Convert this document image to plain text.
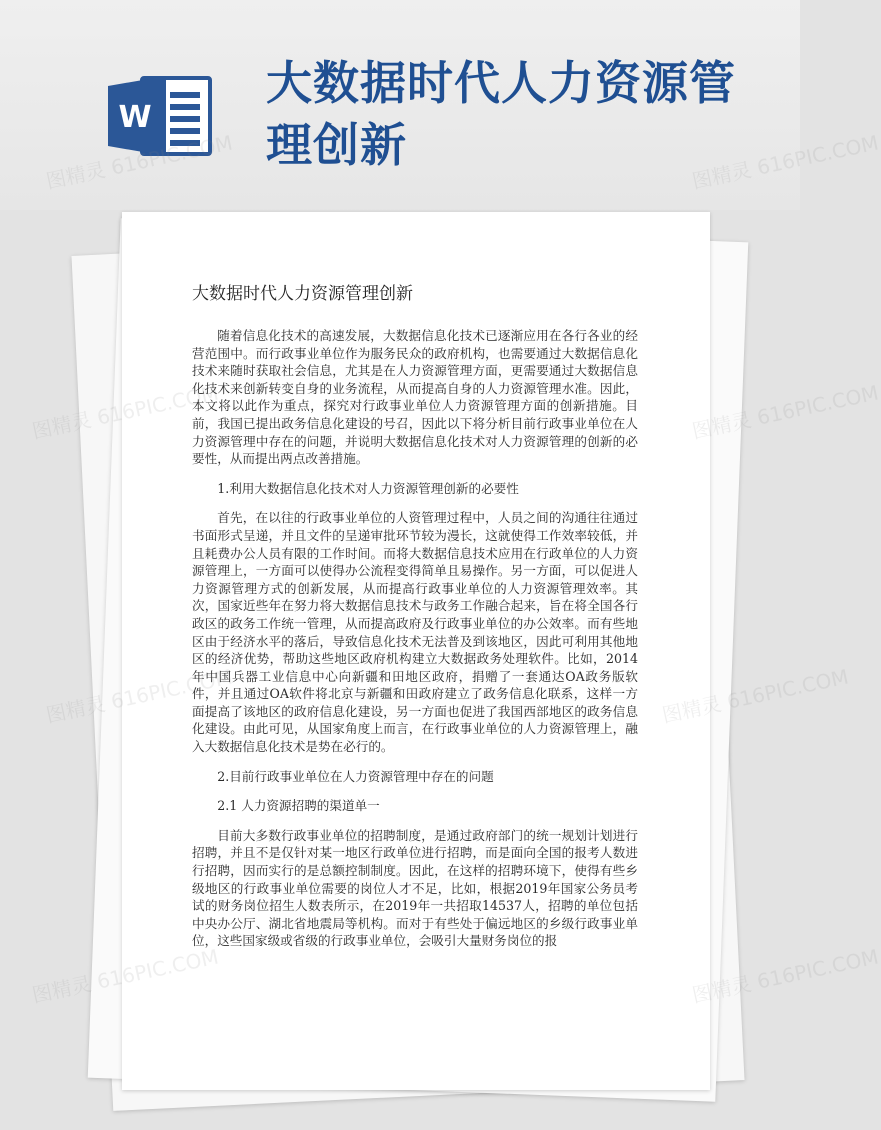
W
大数据时代人力资源管理创新
大数据时代人力资源管理创新

随着信息化技术的高速发展，大数据信息化技术已逐渐应用在各行各业的经营范围中。而行政事业单位作为服务民众的政府机构，也需要通过大数据信息化技术来随时获取社会信息，尤其是在人力资源管理方面，更需要通过大数据信息化技术来创新转变自身的业务流程，从而提高自身的人力资源管理水准。因此，本文将以此作为重点，探究对行政事业单位人力资源管理方面的创新措施。目前，我国已提出政务信息化建设的号召，因此以下将分析目前行政事业单位在人力资源管理中存在的问题，并说明大数据信息化技术对人力资源管理的创新的必要性，从而提出两点改善措施。

1.利用大数据信息化技术对人力资源管理创新的必要性

首先，在以往的行政事业单位的人资管理过程中，人员之间的沟通往往通过书面形式呈递，并且文件的呈递审批环节较为漫长，这就使得工作效率较低，并且耗费办公人员有限的工作时间。而将大数据信息技术应用在行政单位的人力资源管理上，一方面可以使得办公流程变得简单且易操作。另一方面，可以促进人力资源管理方式的创新发展，从而提高行政事业单位的人力资源管理效率。其次，国家近些年在努力将大数据信息技术与政务工作融合起来，旨在将全国各行政区的政务工作统一管理，从而提高政府及行政事业单位的办公效率。而有些地区由于经济水平的落后，导致信息化技术无法普及到该地区，因此可利用其他地区的经济优势，帮助这些地区政府机构建立大数据政务处理软件。比如，2014年中国兵器工业信息中心向新疆和田地区政府，捐赠了一套通达OA政务版软件，并且通过OA软件将北京与新疆和田政府建立了政务信息化联系，这样一方面提高了该地区的政府信息化建设，另一方面也促进了我国西部地区的政务信息化建设。由此可见，从国家角度上而言，在行政事业单位的人力资源管理上，融入大数据信息化技术是势在必行的。

2.目前行政事业单位在人力资源管理中存在的问题

2.1 人力资源招聘的渠道单一

目前大多数行政事业单位的招聘制度，是通过政府部门的统一规划计划进行招聘，并且不是仅针对某一地区行政单位进行招聘，而是面向全国的报考人数进行招聘，因而实行的是总额控制制度。因此，在这样的招聘环境下，使得有些乡级地区的行政事业单位需要的岗位人才不足，比如，根据2019年国家公务员考试的财务岗位招生人数表所示，在2019年一共招取14537人，招聘的单位包括中央办公厅、湖北省地震局等机构。而对于有些处于偏远地区的乡级行政事业单位，这些国家级或省级的行政事业单位，会吸引大量财务岗位的报

616PIC.COM
图精灵	图精灵 616PIC.COM
图精灵	图精灵 616PIC.COM
图精灵	图精灵 616PIC.COM
